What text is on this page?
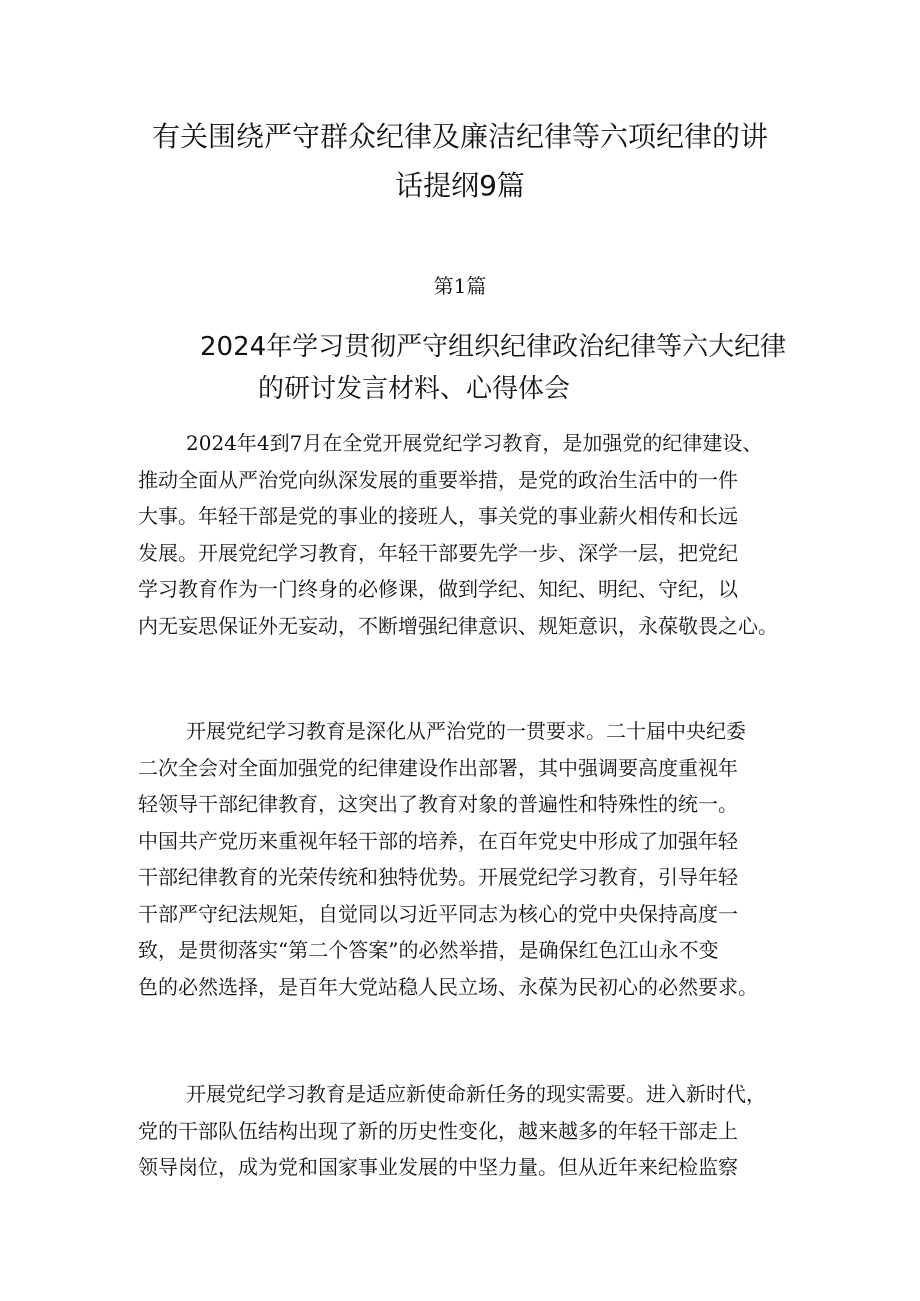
有关围绕严守群众纪律及廉洁纪律等六项纪律的讲
话提纲9篇
第1篇
2024年学习贯彻严守组织纪律政治纪律等六大纪律
的研讨发言材料、心得体会

2024年4到7月在全党开展党纪学习教育，是加强党的纪律建设、
推动全面从严治党向纵深发展的重要举措，是党的政治生活中的一件
大事。年轻干部是党的事业的接班人，事关党的事业薪火相传和长远
发展。开展党纪学习教育，年轻干部要先学一步、深学一层，把党纪
学习教育作为一门终身的必修课，做到学纪、知纪、明纪、守纪，以
内无妄思保证外无妄动，不断增强纪律意识、规矩意识，永葆敬畏之心。

开展党纪学习教育是深化从严治党的一贯要求。二十届中央纪委
二次全会对全面加强党的纪律建设作出部署，其中强调要高度重视年
轻领导干部纪律教育，这突出了教育对象的普遍性和特殊性的统一。
中国共产党历来重视年轻干部的培养，在百年党史中形成了加强年轻
干部纪律教育的光荣传统和独特优势。开展党纪学习教育，引导年轻
干部严守纪法规矩，自觉同以习近平同志为核心的党中央保持高度一
致，是贯彻落实“第二个答案”的必然举措，是确保红色江山永不变
色的必然选择，是百年大党站稳人民立场、永葆为民初心的必然要求。

开展党纪学习教育是适应新使命新任务的现实需要。进入新时代，
党的干部队伍结构出现了新的历史性变化，越来越多的年轻干部走上
领导岗位，成为党和国家事业发展的中坚力量。但从近年来纪检监察
